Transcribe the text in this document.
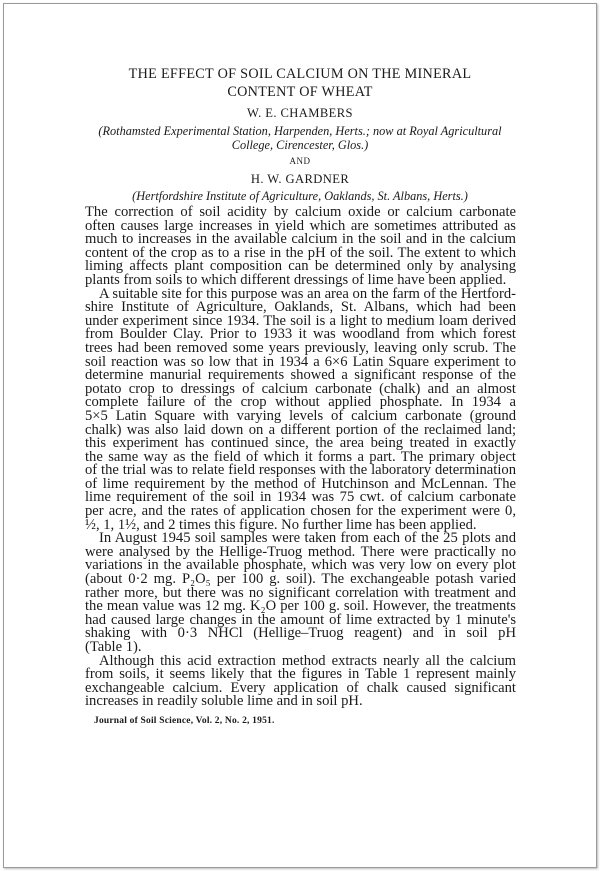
THE EFFECT OF SOIL CALCIUM ON THE MINERAL
CONTENT OF WHEAT
W. E. CHAMBERS
(Rothamsted Experimental Station, Harpenden, Herts.; now at Royal Agricultural
College, Cirencester, Glos.)
AND
H. W. GARDNER
(Hertfordshire Institute of Agriculture, Oaklands, St. Albans, Herts.)
The correction of soil acidity by calcium oxide or calcium carbonate
often causes large increases in yield which are sometimes attributed as
much to increases in the available calcium in the soil and in the calcium
content of the crop as to a rise in the pH of the soil. The extent to which
liming affects plant composition can be determined only by analysing
plants from soils to which different dressings of lime have been applied.
A suitable site for this purpose was an area on the farm of the Hertford-
shire Institute of Agriculture, Oaklands, St. Albans, which had been
under experiment since 1934. The soil is a light to medium loam derived
from Boulder Clay. Prior to 1933 it was woodland from which forest
trees had been removed some years previously, leaving only scrub. The
soil reaction was so low that in 1934 a 6×6 Latin Square experiment to
determine manurial requirements showed a significant response of the
potato crop to dressings of calcium carbonate (chalk) and an almost
complete failure of the crop without applied phosphate. In 1934 a
5×5 Latin Square with varying levels of calcium carbonate (ground
chalk) was also laid down on a different portion of the reclaimed land;
this experiment has continued since, the area being treated in exactly
the same way as the field of which it forms a part. The primary object
of the trial was to relate field responses with the laboratory determination
of lime requirement by the method of Hutchinson and McLennan. The
lime requirement of the soil in 1934 was 75 cwt. of calcium carbonate
per acre, and the rates of application chosen for the experiment were 0,
½, 1, 1½, and 2 times this figure. No further lime has been applied.
In August 1945 soil samples were taken from each of the 25 plots and
were analysed by the Hellige-Truog method. There were practically no
variations in the available phosphate, which was very low on every plot
(about 0·2 mg. P₂O₅ per 100 g. soil). The exchangeable potash varied
rather more, but there was no significant correlation with treatment and
the mean value was 12 mg. K₂O per 100 g. soil. However, the treatments
had caused large changes in the amount of lime extracted by 1 minute's
shaking with 0·3 NHCl (Hellige–Truog reagent) and in soil pH
(Table 1).
Although this acid extraction method extracts nearly all the calcium
from soils, it seems likely that the figures in Table 1 represent mainly
exchangeable calcium. Every application of chalk caused significant
increases in readily soluble lime and in soil pH.
Journal of Soil Science, Vol. 2, No. 2, 1951.
